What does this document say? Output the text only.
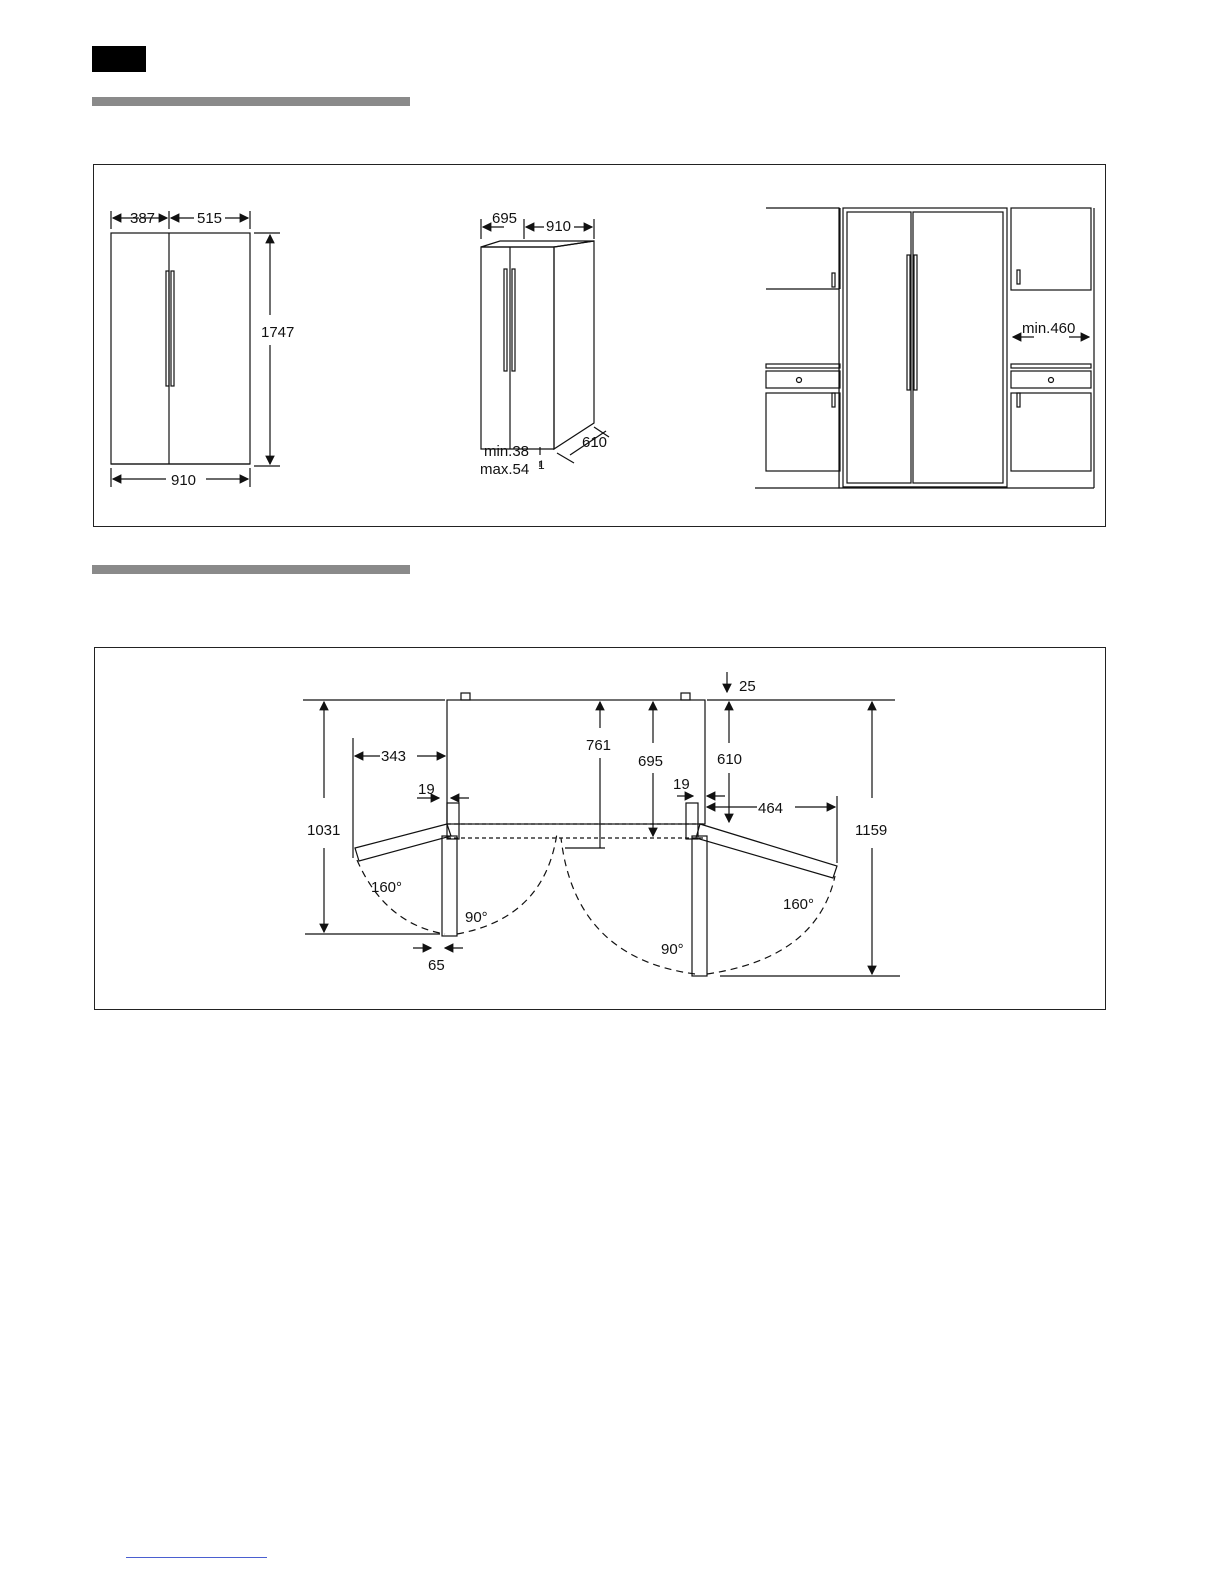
387	515
1747
910
695 910
610
min.38
max.54 1
min.460
25
343
761
695	610
19	19
464
1031	1159
160°
90°
160°
90°
65
